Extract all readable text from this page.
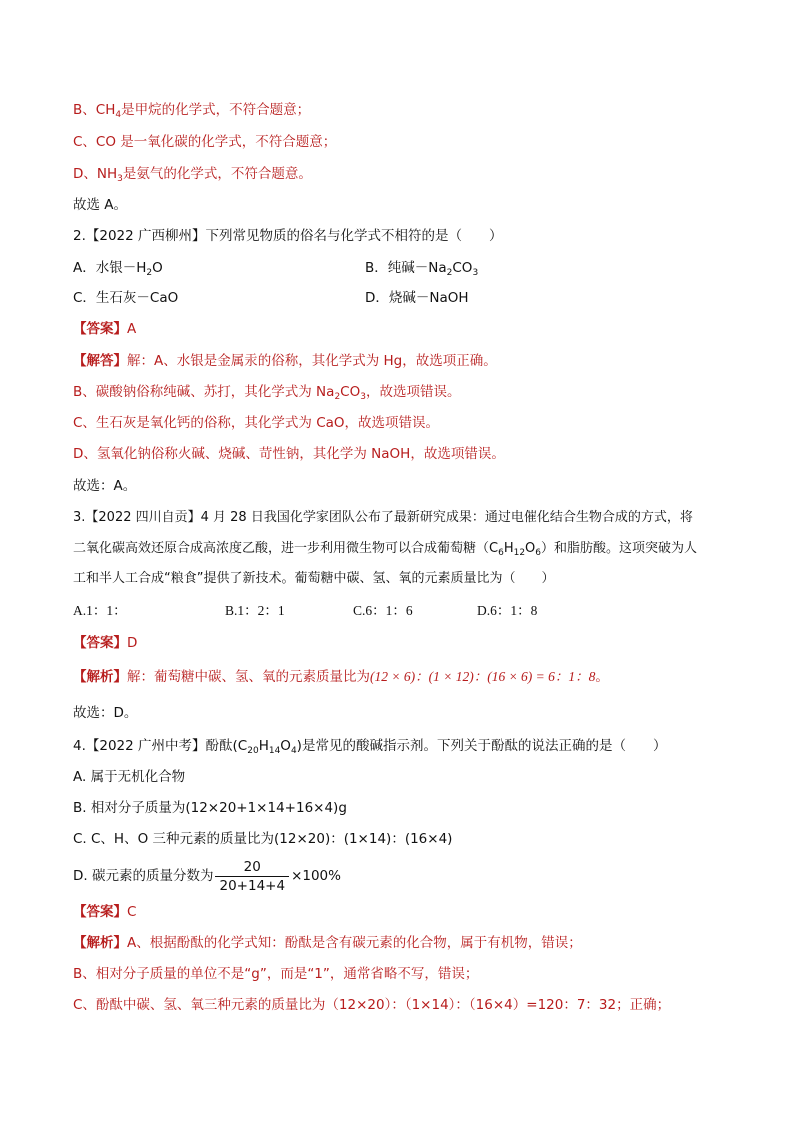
B、$CH_4$是甲烷的化学式，不符合题意；
C、CO 是一氧化碳的化学式，不符合题意；
D、$NH_3$是氨气的化学式，不符合题意。
故选 A。
2.【2022 广西柳州】下列常见物质的俗名与化学式不相符的是（　　）
A．水银$-H_2O$	B．纯碱$-Na_2CO_3$
C．生石灰－CaO	D．烧碱－NaOH
【答案】A
【解答】解：A、水银是金属汞的俗称，其化学式为 Hg，故选项正确。
B、碳酸钠俗称纯碱、苏打，其化学式为 $Na_2CO_3$，故选项错误。
C、生石灰是氧化钙的俗称，其化学式为 CaO，故选项错误。
D、氢氧化钠俗称火碱、烧碱、苛性钠，其化学为 NaOH，故选项错误。
故选：A。
3.【2022 四川自贡】4 月 28 日我国化学家团队公布了最新研究成果：通过电催化结合生物合成的方式，将
二氧化碳高效还原合成高浓度乙酸，进一步利用微生物可以合成葡萄糖$(C_6H_{12}O_6)$和脂肪酸。这项突破为人
工和半人工合成“粮食”提供了新技术。葡萄糖中碳、氢、氧的元素质量比为（　　）
A.1：1：	B.1：2：1	C.6：1：6	D.6：1：8
【答案】D
【解析】解：葡萄糖中碳、氢、氧的元素质量比为(12 × 6)：(1 × 12)：(16 × 6) = 6：1：8。
故选：D。
4.【2022 广州中考】酚酞$(C_{20}H_{14}O_4)$是常见的酸碱指示剂。下列关于酚酞的说法正确的是（　　）
A. 属于无机化合物
B. 相对分子质量为(12×20+1×14+16×4)g
C. C、H、O 三种元素的质量比为(12×20)：(1×14)：(16×4)
D. 碳元素的质量分数为 $\frac{20}{20+14+4} \times 100\%$
【答案】C
【解析】A、根据酚酞的化学式知：酚酞是含有碳元素的化合物，属于有机物，错误；
B、相对分子质量的单位不是“g”，而是“1”，通常省略不写，错误；
C、酚酞中碳、氢、氧三种元素的质量比为（12×20）：（1×14）：（16×4）=120：7：32；正确；
